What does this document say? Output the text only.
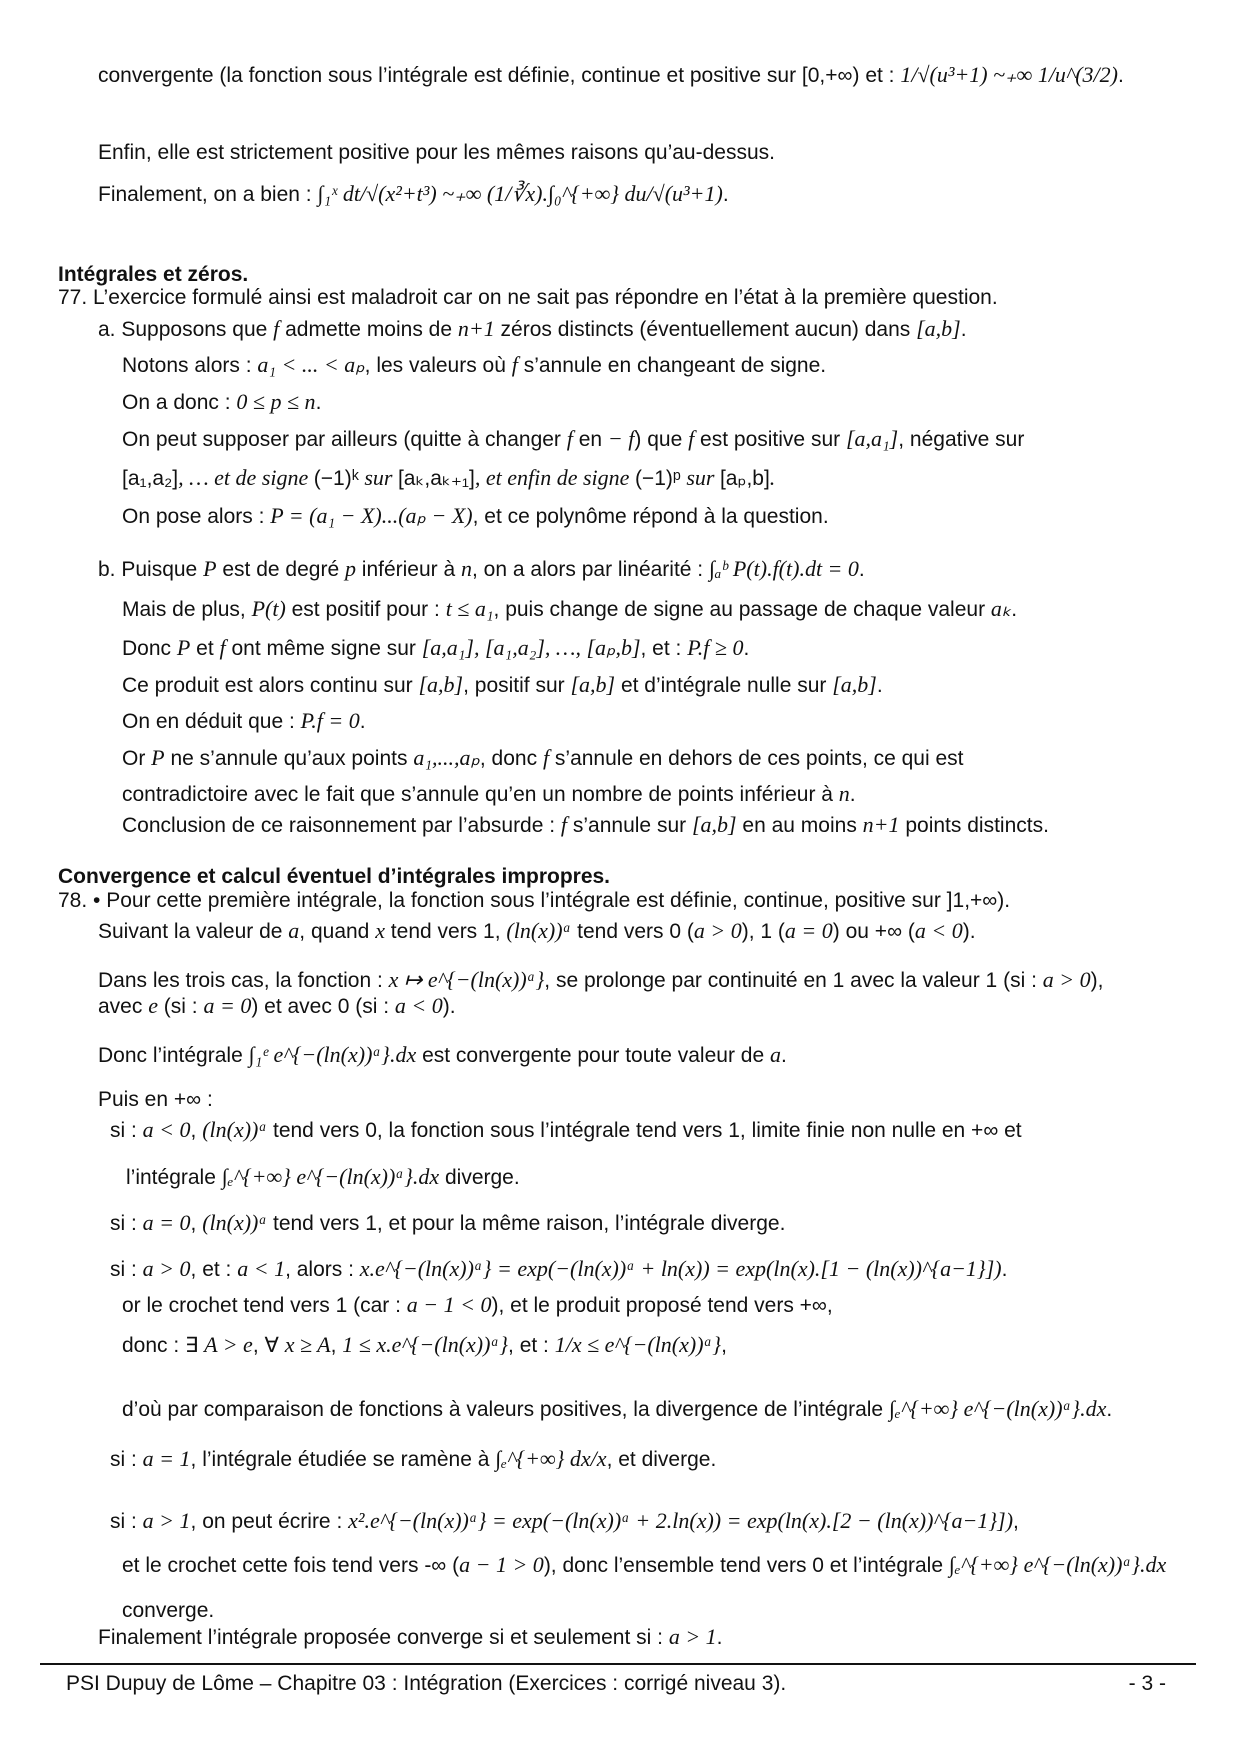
convergente (la fonction sous l’intégrale est définie, continue et positive sur [0,+∞) et : 1/√(u³+1) ~₊∞ 1/u^(3/2).
Enfin, elle est strictement positive pour les mêmes raisons qu’au-dessus.
Finalement, on a bien : ∫₁ˣ dt/√(x²+t³) ~₊∞ (1/∛x).∫₀^{+∞} du/√(u³+1).
Intégrales et zéros.
77. L’exercice formulé ainsi est maladroit car on ne sait pas répondre en l’état à la première question.
a. Supposons que f admette moins de n+1 zéros distincts (éventuellement aucun) dans [a,b].
Notons alors : a₁ < ... < aₚ, les valeurs où f s’annule en changeant de signe.
On a donc : 0 ≤ p ≤ n.
On peut supposer par ailleurs (quitte à changer f en − f) que f est positive sur [a,a₁], négative sur
[a₁,a₂], … et de signe (−1)ᵏ sur [aₖ,aₖ₊₁], et enfin de signe (−1)ᵖ sur [aₚ,b].
On pose alors : P = (a₁ − X)...(aₚ − X), et ce polynôme répond à la question.
b. Puisque P est de degré p inférieur à n, on a alors par linéarité : ∫ₐᵇ P(t).f(t).dt = 0.
Mais de plus, P(t) est positif pour : t ≤ a₁, puis change de signe au passage de chaque valeur aₖ.
Donc P et f ont même signe sur [a,a₁], [a₁,a₂], …, [aₚ,b], et : P.f ≥ 0.
Ce produit est alors continu sur [a,b], positif sur [a,b] et d’intégrale nulle sur [a,b].
On en déduit que : P.f = 0.
Or P ne s’annule qu’aux points a₁,...,aₚ, donc f s’annule en dehors de ces points, ce qui est
contradictoire avec le fait que s’annule qu’en un nombre de points inférieur à n.
Conclusion de ce raisonnement par l’absurde : f s’annule sur [a,b] en au moins n+1 points distincts.
Convergence et calcul éventuel d’intégrales impropres.
78. • Pour cette première intégrale, la fonction sous l’intégrale est définie, continue, positive sur ]1,+∞).
Suivant la valeur de a, quand x tend vers 1, (ln(x))ᵃ tend vers 0 (a > 0), 1 (a = 0) ou +∞ (a < 0).
Dans les trois cas, la fonction : x ↦ e^{−(ln(x))ᵃ}, se prolonge par continuité en 1 avec la valeur 1 (si : a > 0),
avec e (si : a = 0) et avec 0 (si : a < 0).
Donc l’intégrale ∫₁ᵉ e^{−(ln(x))ᵃ}.dx est convergente pour toute valeur de a.
Puis en +∞ :
si : a < 0, (ln(x))ᵃ tend vers 0, la fonction sous l’intégrale tend vers 1, limite finie non nulle en +∞ et
l’intégrale ∫ₑ^{+∞} e^{−(ln(x))ᵃ}.dx diverge.
si : a = 0, (ln(x))ᵃ tend vers 1, et pour la même raison, l’intégrale diverge.
si : a > 0, et : a < 1, alors : x.e^{−(ln(x))ᵃ} = exp(−(ln(x))ᵃ + ln(x)) = exp(ln(x).[1 − (ln(x))^{a−1}]).
or le crochet tend vers 1 (car : a − 1 < 0), et le produit proposé tend vers +∞,
donc : ∃ A > e, ∀ x ≥ A, 1 ≤ x.e^{−(ln(x))ᵃ}, et : 1/x ≤ e^{−(ln(x))ᵃ},
d’où par comparaison de fonctions à valeurs positives, la divergence de l’intégrale ∫ₑ^{+∞} e^{−(ln(x))ᵃ}.dx.
si : a = 1, l’intégrale étudiée se ramène à ∫ₑ^{+∞} dx/x, et diverge.
si : a > 1, on peut écrire : x².e^{−(ln(x))ᵃ} = exp(−(ln(x))ᵃ + 2.ln(x)) = exp(ln(x).[2 − (ln(x))^{a−1}]),
et le crochet cette fois tend vers -∞ (a − 1 > 0), donc l’ensemble tend vers 0 et l’intégrale ∫ₑ^{+∞} e^{−(ln(x))ᵃ}.dx
converge.
Finalement l’intégrale proposée converge si et seulement si : a > 1.
PSI Dupuy de Lôme – Chapitre 03 : Intégration (Exercices : corrigé niveau 3).	- 3 -
